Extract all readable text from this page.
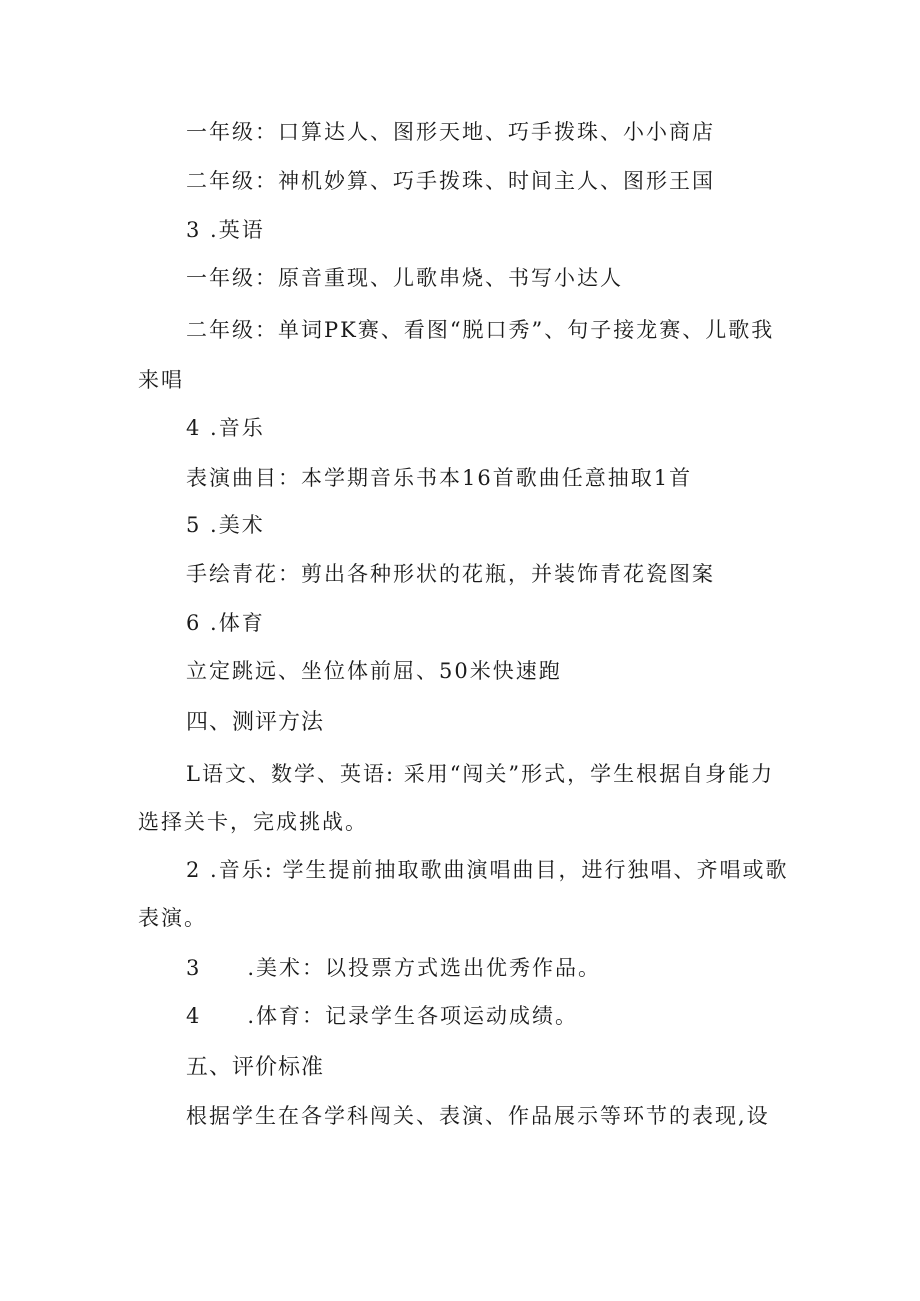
一年级：口算达人、图形天地、巧手拨珠、小小商店
二年级：神机妙算、巧手拨珠、时间主人、图形王国
3 .英语
一年级：原音重现、儿歌串烧、书写小达人
二年级：单词PK赛、看图“脱口秀”、句子接龙赛、儿歌我
来唱
4 .音乐
表演曲目：本学期音乐书本16首歌曲任意抽取1首
5 .美术
手绘青花：剪出各种形状的花瓶，并装饰青花瓷图案
6 .体育
立定跳远、坐位体前屈、50米快速跑
四、测评方法
L语文、数学、英语: 采用“闯关”形式，学生根据自身能力
选择关卡，完成挑战。
2 .音乐: 学生提前抽取歌曲演唱曲目，进行独唱、齐唱或歌
表演。
3 .美术：以投票方式选出优秀作品。
4 .体育：记录学生各项运动成绩。
五、评价标准
根据学生在各学科闯关、表演、作品展示等环节的表现,设
